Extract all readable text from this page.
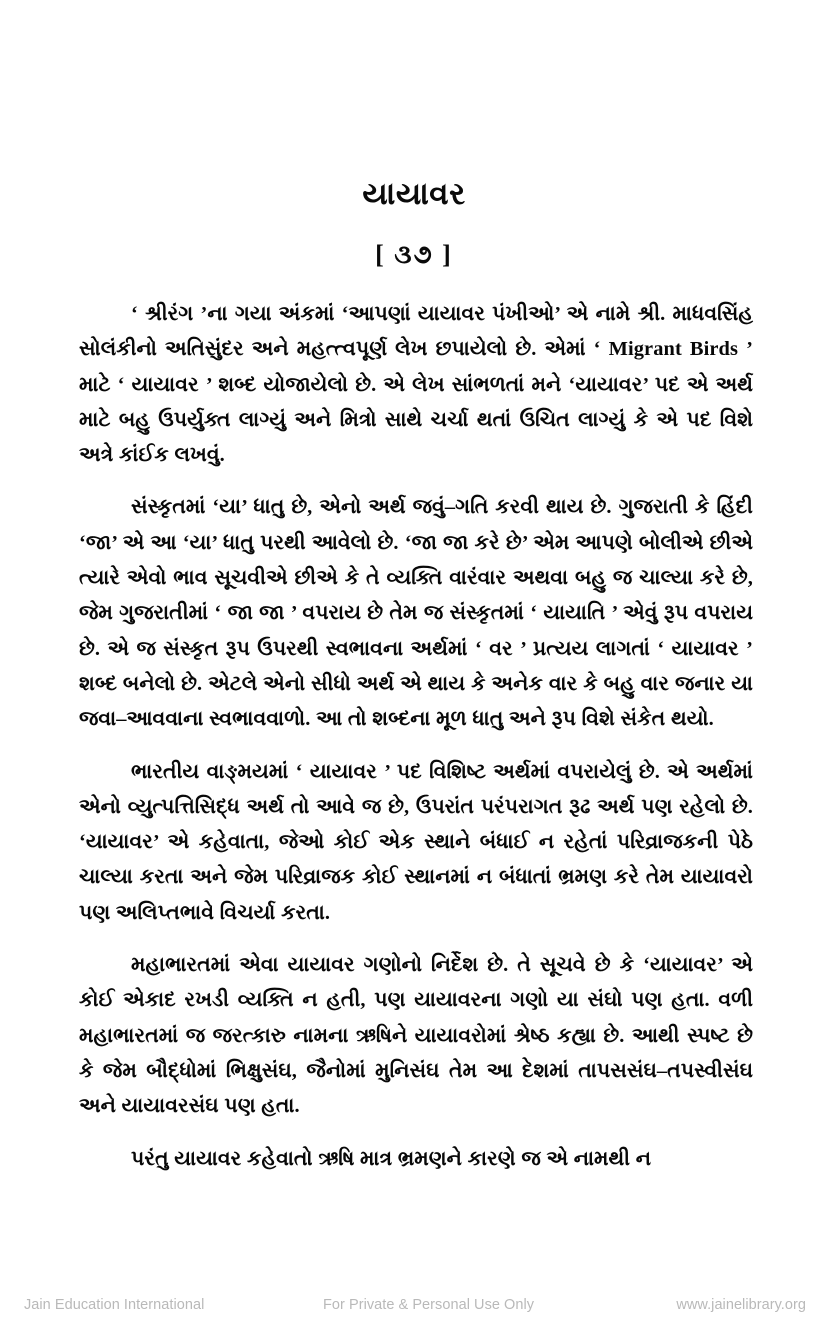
યાયાવર

[ ૩૭ ]

‘ શ્રીરંગ ’ના ગયા અંકમાં ‘આપણાં યાયાવર પંખીઓ’ એ નામે શ્રી. માધવસિંહ સોલંકીનો અતિસુંદર અને મહત્ત્વપૂર્ણ લેખ છપાયેલો છે. એમાં ‘ Migrant Birds ’ માટે ‘ યાયાવર ’ શબ્દ યોજાયેલો છે. એ લેખ સાંભળતાં મને ‘યાયાવર’ પદ એ અર્થ માટે બહુ ઉપર્યુક્ત લાગ્યું અને મિત્રો સાથે ચર્ચા થતાં ઉચિત લાગ્યું કે એ પદ વિશે અત્રે કાંઈક લખવું.

સંસ્કૃતમાં ‘યા’ ધાતુ છે, એનો અર્થ જવું–ગતિ કરવી થાય છે. ગુજરાતી કે હિંદી ‘જા’ એ આ ‘યા’ ધાતુ પરથી આવેલો છે. ‘જા જા કરે છે’ એમ આપણે બોલીએ છીએ ત્યારે એવો ભાવ સૂચવીએ છીએ કે તે વ્યક્તિ વારંવાર અથવા બહુ જ ચાલ્યા કરે છે, જેમ ગુજરાતીમાં ‘ જા જા ’ વપરાય છે તેમ જ સંસ્કૃતમાં ‘ યાયાતિ ’ એવું રૂપ વપરાય છે. એ જ સંસ્કૃત રૂપ ઉપરથી સ્વભાવના અર્થમાં ‘ વર ’ પ્રત્યય લાગતાં ‘ યાયાવર ’ શબ્દ બનેલો છે. એટલે એનો સીધો અર્થ એ થાય કે અનેક વાર કે બહુ વાર જનાર યા જવા–આવવાના સ્વભાવવાળો. આ તો શબ્દના મૂળ ધાતુ અને રૂપ વિશે સંકેત થયો.

ભારતીય વાઙ્મયમાં ‘ યાયાવર ’ પદ વિશિષ્ટ અર્થમાં વપરાયેલું છે. એ અર્થમાં એનો વ્યુત્પત્તિસિદ્ધ અર્થ તો આવે જ છે, ઉપરાંત પરંપરાગત રૂઢ અર્થ પણ રહેલો છે. ‘યાયાવર’ એ કહેવાતા, જેઓ કોઈ એક સ્થાને બંધાઈ ન રહેતાં પરિવ્રાજકની પેઠે ચાલ્યા કરતા અને જેમ પરિવ્રાજક કોઈ સ્થાનમાં ન બંધાતાં ભ્રમણ કરે તેમ યાયાવરો પણ અલિપ્તભાવે વિચર્યા કરતા.

મહાભારતમાં એવા યાયાવર ગણોનો નિર્દેશ છે. તે સૂચવે છે કે ‘યાયાવર’ એ કોઈ એકાદ રખડી વ્યક્તિ ન હતી, પણ યાયાવરના ગણો યા સંઘો પણ હતા. વળી મહાભારતમાં જ જરત્કારુ નામના ઋષિને યાયાવરોમાં શ્રેષ્ઠ કહ્યા છે. આથી સ્પષ્ટ છે કે જેમ બૌદ્ધોમાં ભિક્ષુસંઘ, જૈનોમાં મુનિસંઘ તેમ આ દેશમાં તાપસસંઘ–તપસ્વીસંઘ અને યાયાવરસંઘ પણ હતા.

પરંતુ યાયાવર કહેવાતો ઋષિ માત્ર ભ્રમણને કારણે જ એ નામથી ન

Jain Education International	For Private & Personal Use Only	www.jainelibrary.org
